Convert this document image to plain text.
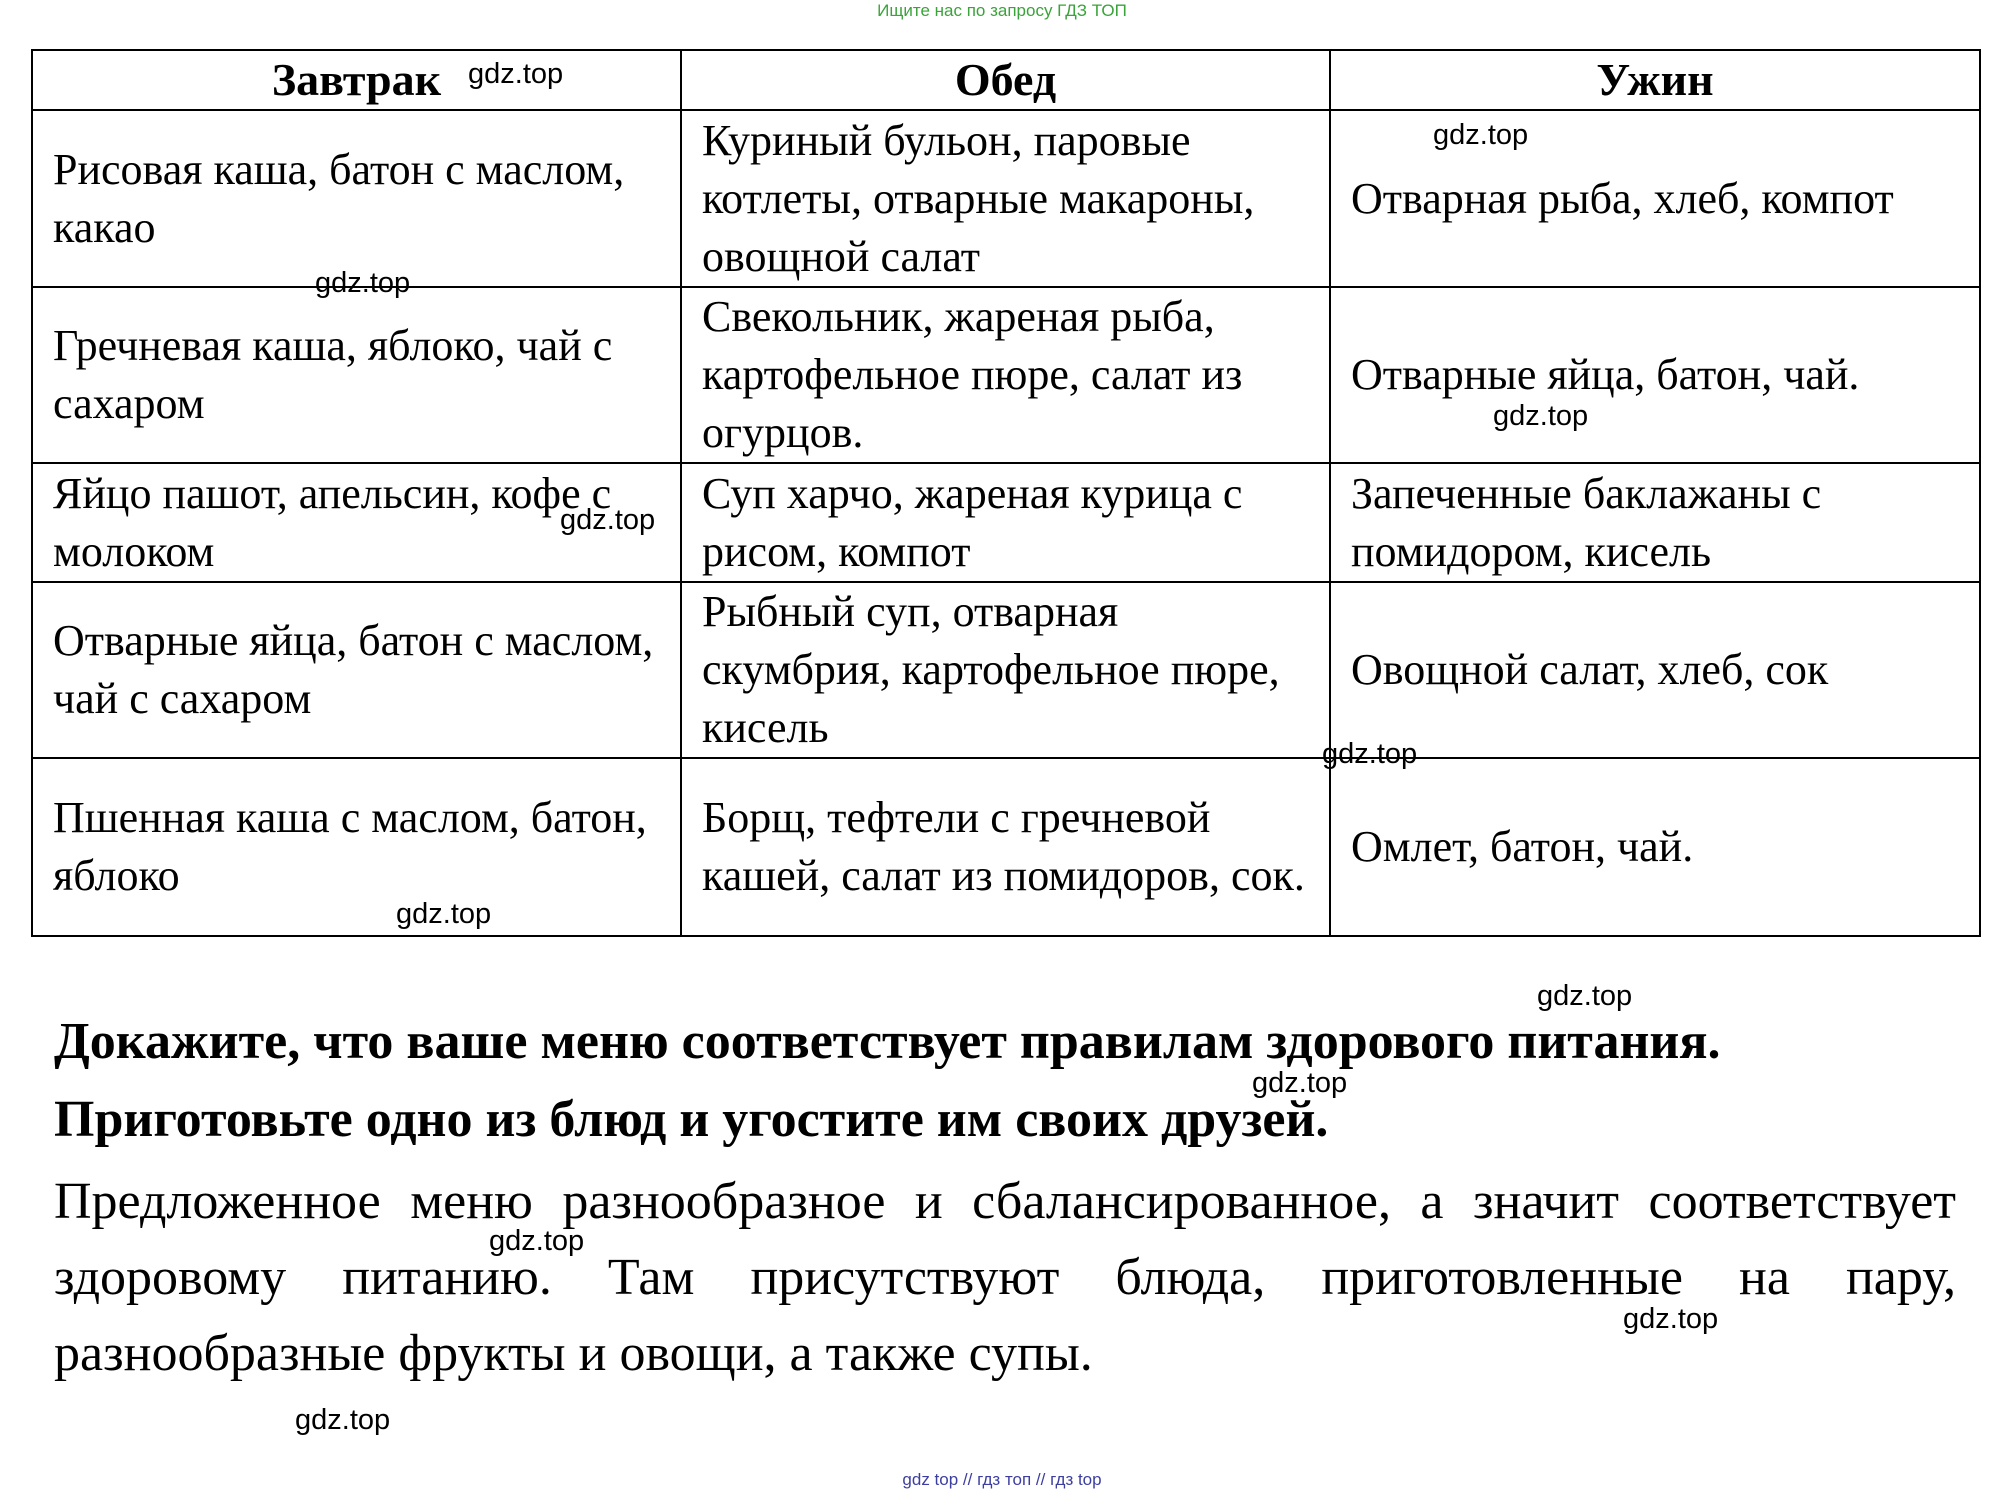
Ищите нас по запросу ГДЗ ТОП
Завтрак	Обед	Ужин
Рисовая каша, батон с маслом, какао	Куриный бульон, паровые котлеты, отварные макароны, овощной салат	Отварная рыба, хлеб, компот
Гречневая каша, яблоко, чай с сахаром	Свекольник, жареная рыба, картофельное пюре, салат из огурцов.	Отварные яйца, батон, чай.
Яйцо пашот, апельсин, кофе с молоком	Суп харчо, жареная курица с рисом, компот	Запеченные баклажаны с помидором, кисель
Отварные яйца, батон с маслом, чай с сахаром	Рыбный суп, отварная скумбрия, картофельное пюре, кисель	Овощной салат, хлеб, сок
Пшенная каша с маслом, батон, яблоко	Борщ, тефтели с гречневой кашей, салат из помидоров, сок.	Омлет, батон, чай.

Докажите, что ваше меню соответствует правилам здорового питания.

Приготовьте одно из блюд и угостите им своих друзей.

Предложенное меню разнообразное и сбалансированное, а значит соответствует здоровому питанию. Там присутствуют блюда, приготовленные на пару, разнообразные фрукты и овощи, а также супы.

gdz.top
gdz.top
gdz.top
gdz.top
gdz.top
gdz.top
gdz.top
gdz.top
gdz.top
gdz.top
gdz.top
gdz.top
gdz top // гдз топ // гдз top
